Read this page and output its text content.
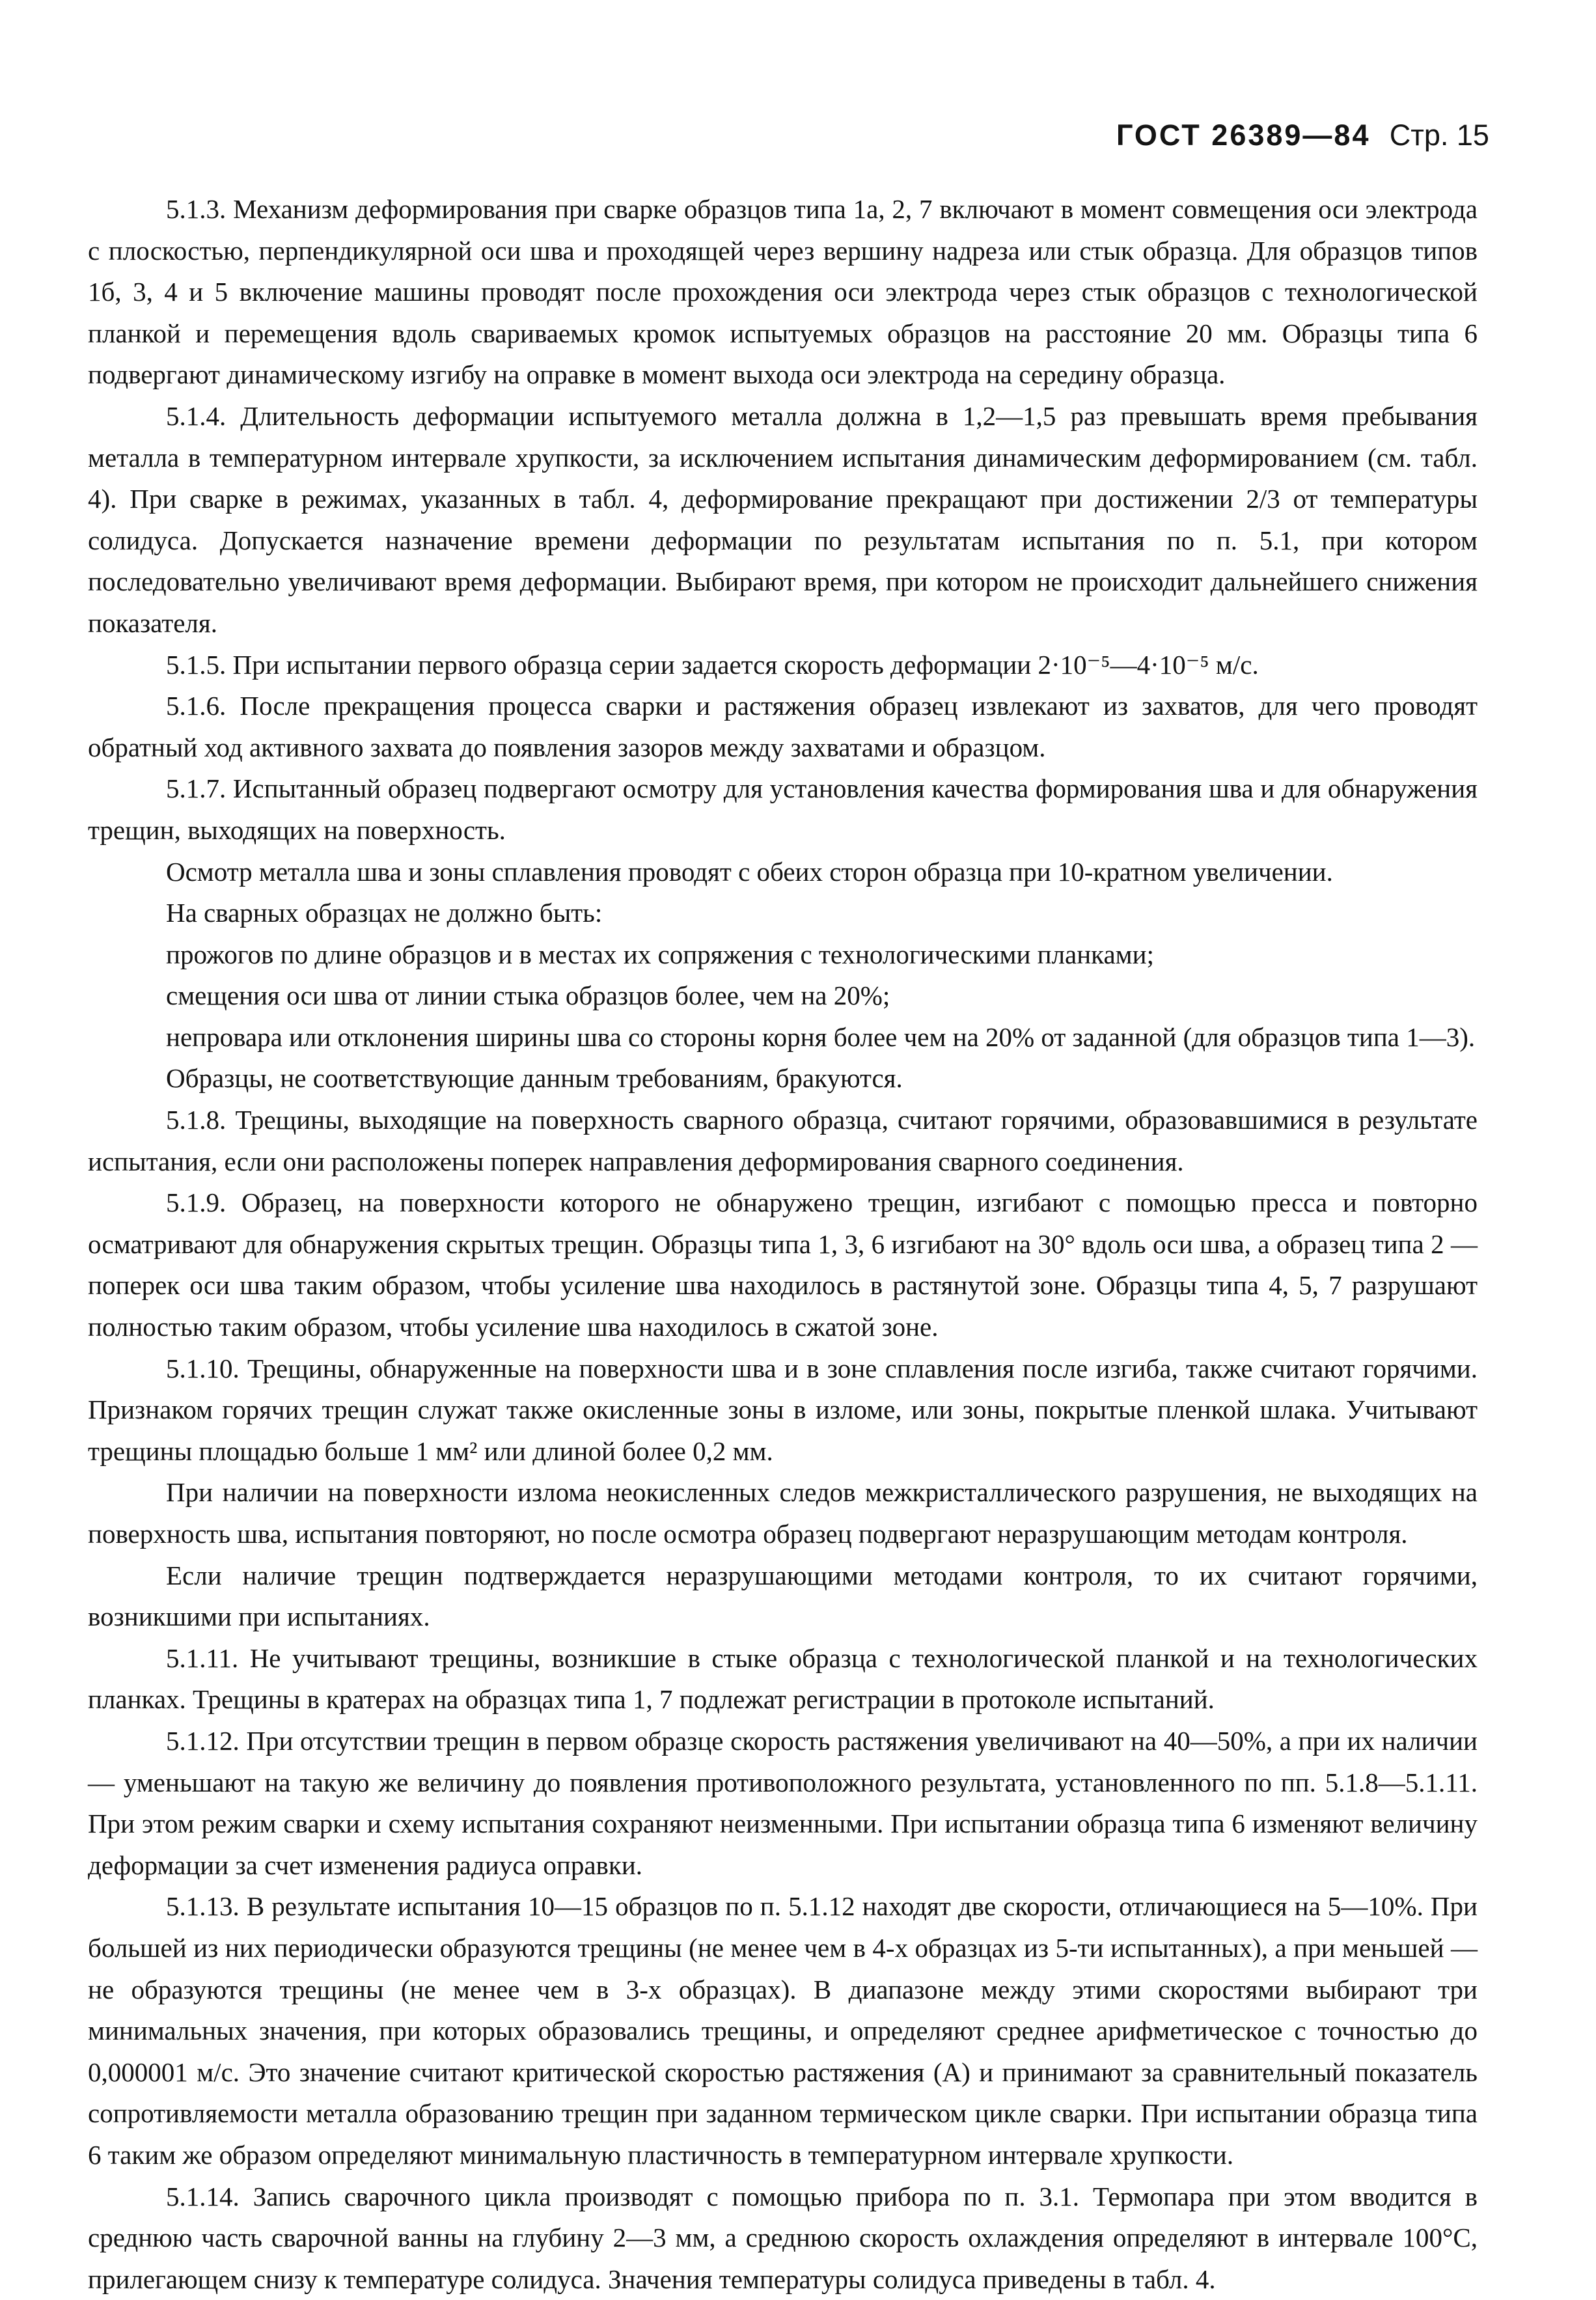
ГОСТ 26389—84 Стр. 15

5.1.3. Механизм деформирования при сварке образцов типа 1а, 2, 7 включают в момент совмещения оси электрода с плоскостью, перпендикулярной оси шва и проходящей через вершину надреза или стык образца. Для образцов типов 1б, 3, 4 и 5 включение машины проводят после прохождения оси электрода через стык образцов с технологической планкой и перемещения вдоль свариваемых кромок испытуемых образцов на расстояние 20 мм. Образцы типа 6 подвергают динамическому изгибу на оправке в момент выхода оси электрода на середину образца.

5.1.4. Длительность деформации испытуемого металла должна в 1,2—1,5 раз превышать время пребывания металла в температурном интервале хрупкости, за исключением испытания динамическим деформированием (см. табл. 4). При сварке в режимах, указанных в табл. 4, деформирование прекращают при достижении 2/3 от температуры солидуса. Допускается назначение времени деформации по результатам испытания по п. 5.1, при котором последовательно увеличивают время деформации. Выбирают время, при котором не происходит дальнейшего снижения показателя.

5.1.5. При испытании первого образца серии задается скорость деформации 2·10⁻⁵—4·10⁻⁵ м/с.

5.1.6. После прекращения процесса сварки и растяжения образец извлекают из захватов, для чего проводят обратный ход активного захвата до появления зазоров между захватами и образцом.

5.1.7. Испытанный образец подвергают осмотру для установления качества формирования шва и для обнаружения трещин, выходящих на поверхность.

Осмотр металла шва и зоны сплавления проводят с обеих сторон образца при 10-кратном увеличении.

На сварных образцах не должно быть:

прожогов по длине образцов и в местах их сопряжения с технологическими планками;

смещения оси шва от линии стыка образцов более, чем на 20%;

непровара или отклонения ширины шва со стороны корня более чем на 20% от заданной (для образцов типа 1—3).

Образцы, не соответствующие данным требованиям, бракуются.

5.1.8. Трещины, выходящие на поверхность сварного образца, считают горячими, образовавшимися в результате испытания, если они расположены поперек направления деформирования сварного соединения.

5.1.9. Образец, на поверхности которого не обнаружено трещин, изгибают с помощью пресса и повторно осматривают для обнаружения скрытых трещин. Образцы типа 1, 3, 6 изгибают на 30° вдоль оси шва, а образец типа 2 — поперек оси шва таким образом, чтобы усиление шва находилось в растянутой зоне. Образцы типа 4, 5, 7 разрушают полностью таким образом, чтобы усиление шва находилось в сжатой зоне.

5.1.10. Трещины, обнаруженные на поверхности шва и в зоне сплавления после изгиба, также считают горячими. Признаком горячих трещин служат также окисленные зоны в изломе, или зоны, покрытые пленкой шлака. Учитывают трещины площадью больше 1 мм² или длиной более 0,2 мм.

При наличии на поверхности излома неокисленных следов межкристаллического разрушения, не выходящих на поверхность шва, испытания повторяют, но после осмотра образец подвергают неразрушающим методам контроля.

Если наличие трещин подтверждается неразрушающими методами контроля, то их считают горячими, возникшими при испытаниях.

5.1.11. Не учитывают трещины, возникшие в стыке образца с технологической планкой и на технологических планках. Трещины в кратерах на образцах типа 1, 7 подлежат регистрации в протоколе испытаний.

5.1.12. При отсутствии трещин в первом образце скорость растяжения увеличивают на 40—50%, а при их наличии — уменьшают на такую же величину до появления противоположного результата, установленного по пп. 5.1.8—5.1.11. При этом режим сварки и схему испытания сохраняют неизменными. При испытании образца типа 6 изменяют величину деформации за счет изменения радиуса оправки.

5.1.13. В результате испытания 10—15 образцов по п. 5.1.12 находят две скорости, отличающиеся на 5—10%. При большей из них периодически образуются трещины (не менее чем в 4-х образцах из 5-ти испытанных), а при меньшей — не образуются трещины (не менее чем в 3-х образцах). В диапазоне между этими скоростями выбирают три минимальных значения, при которых образовались трещины, и определяют среднее арифметическое с точностью до 0,000001 м/с. Это значение считают критической скоростью растяжения (A) и принимают за сравнительный показатель сопротивляемости металла образованию трещин при заданном термическом цикле сварки. При испытании образца типа 6 таким же образом определяют минимальную пластичность в температурном интервале хрупкости.

5.1.14. Запись сварочного цикла производят с помощью прибора по п. 3.1. Термопара при этом вводится в среднюю часть сварочной ванны на глубину 2—3 мм, а среднюю скорость охлаждения определяют в интервале 100°C, прилегающем снизу к температуре солидуса. Значения температуры солидуса приведены в табл. 4.
